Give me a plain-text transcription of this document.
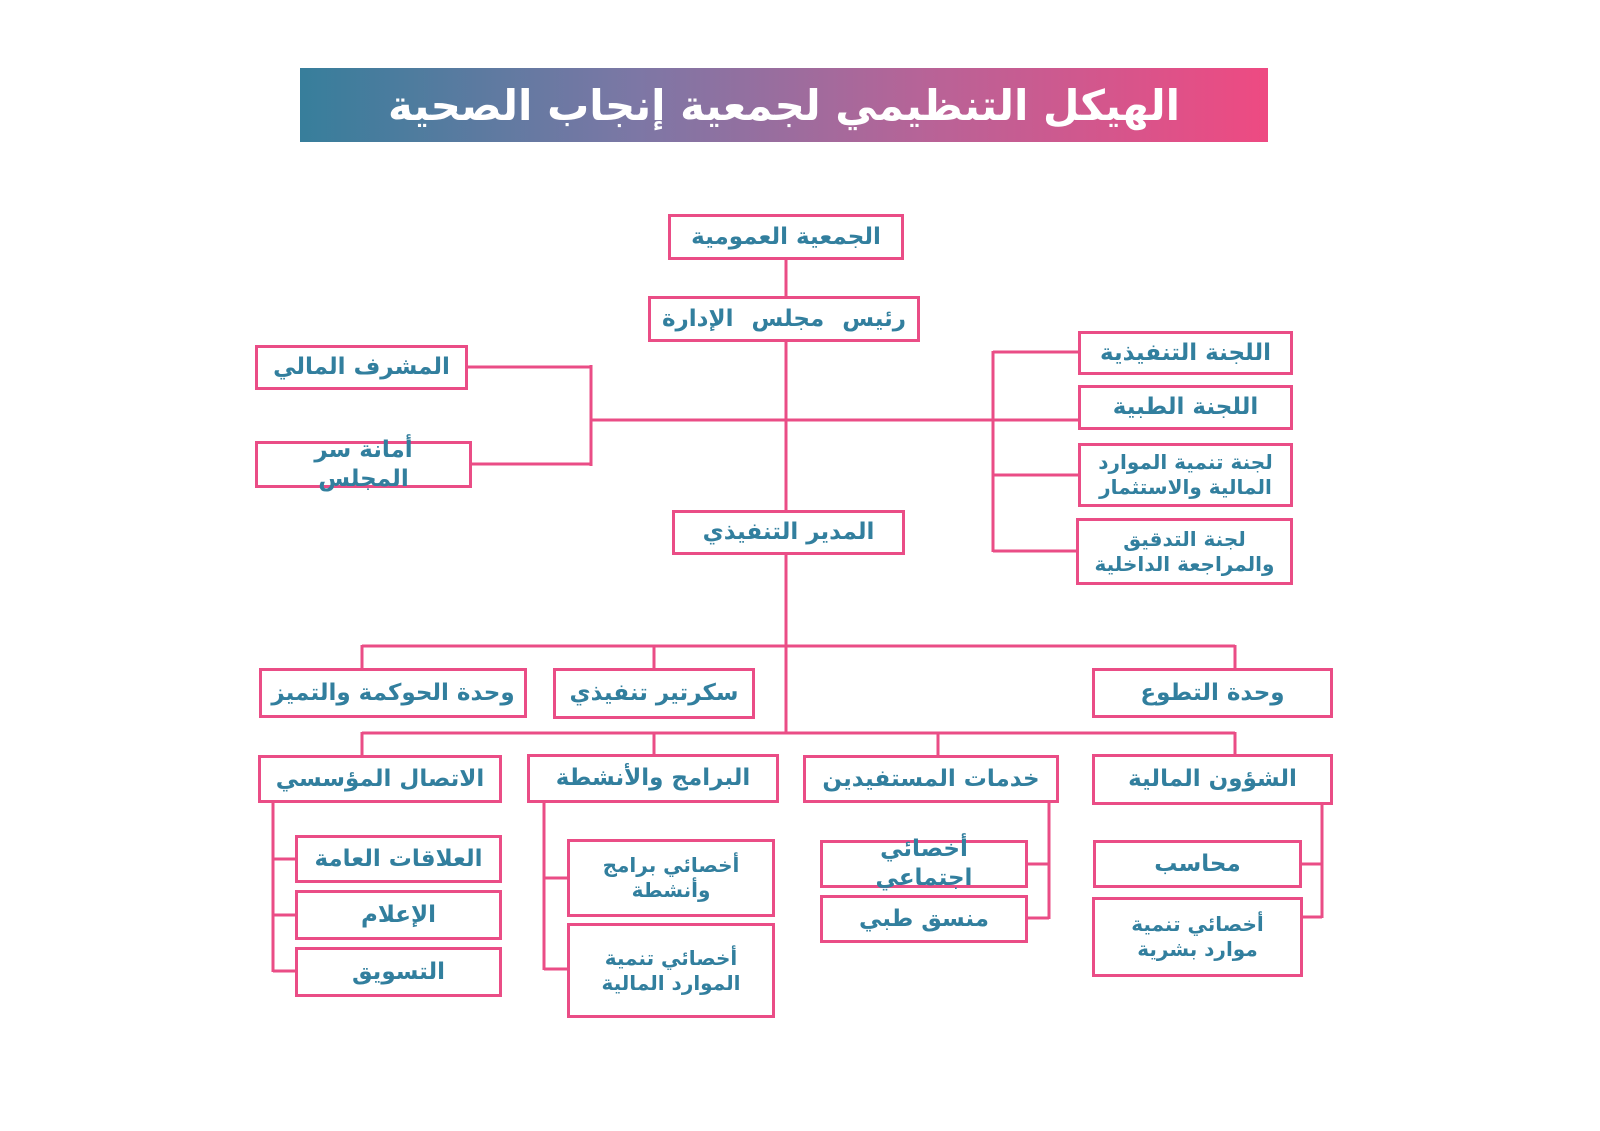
الهيكل التنظيمي لجمعية إنجاب الصحية
الجمعية العمومية
رئيس مجلس الإدارة
المشرف المالي
أمانة سر المجلس
اللجنة التنفيذية
اللجنة الطبية
لجنة تنمية الموارد المالية والاستثمار
لجنة التدقيق والمراجعة الداخلية
المدير التنفيذي
وحدة الحوكمة والتميز	سكرتير تنفيذي	وحدة التطوع
الاتصال المؤسسي	البرامج والأنشطة	خدمات المستفيدين	الشؤون المالية
العلاقات العامة
الإعلام
التسويق
أخصائي برامج وأنشطة
أخصائي تنمية الموارد المالية
أخصائي اجتماعي
منسق طبي
محاسب
أخصائي تنمية موارد بشرية
